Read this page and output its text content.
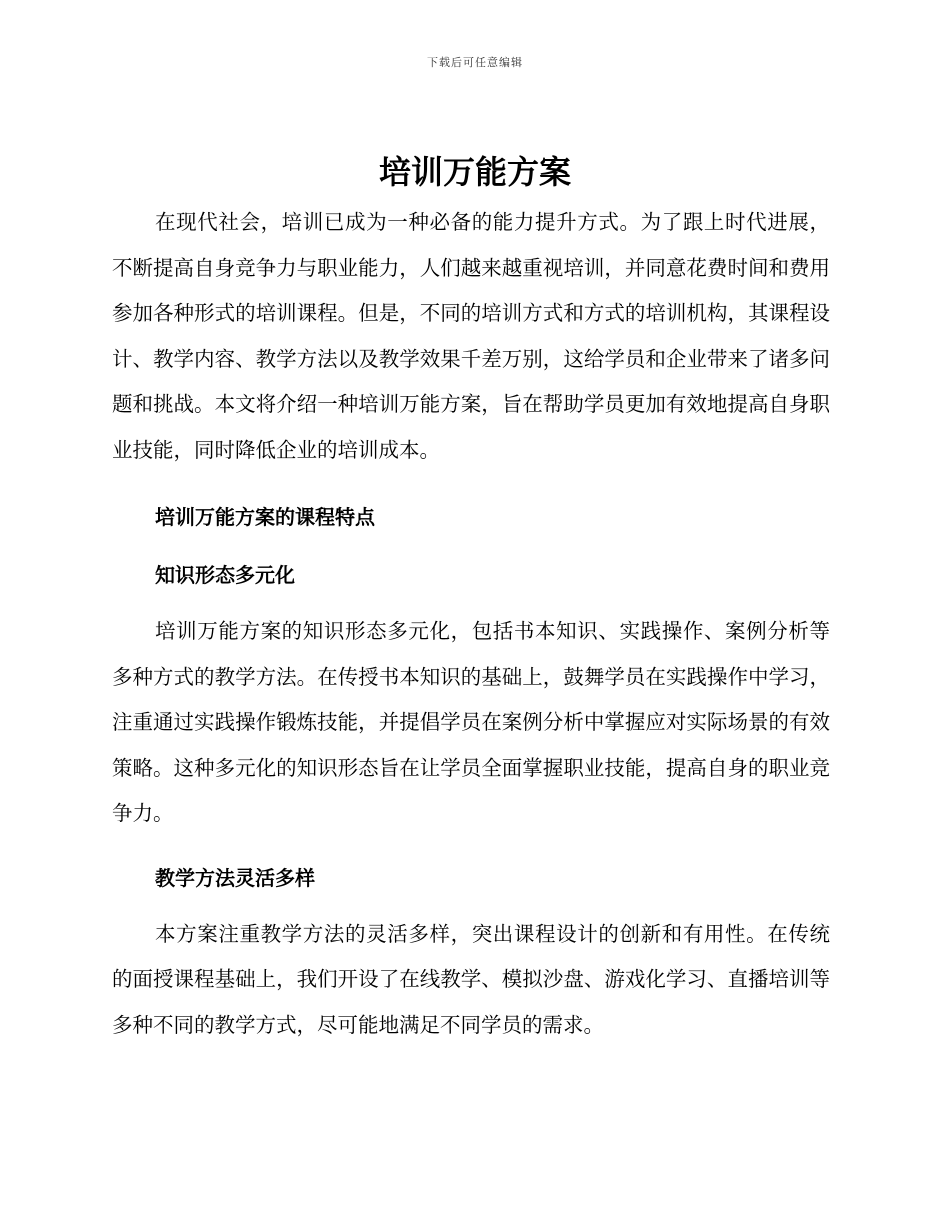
下载后可任意编辑
培训万能方案

在现代社会，培训已成为一种必备的能力提升方式。为了跟上时代进展，不断提高自身竞争力与职业能力，人们越来越重视培训，并同意花费时间和费用参加各种形式的培训课程。但是，不同的培训方式和方式的培训机构，其课程设计、教学内容、教学方法以及教学效果千差万别，这给学员和企业带来了诸多问题和挑战。本文将介绍一种培训万能方案，旨在帮助学员更加有效地提高自身职业技能，同时降低企业的培训成本。

培训万能方案的课程特点
知识形态多元化

培训万能方案的知识形态多元化，包括书本知识、实践操作、案例分析等多种方式的教学方法。在传授书本知识的基础上，鼓舞学员在实践操作中学习，注重通过实践操作锻炼技能，并提倡学员在案例分析中掌握应对实际场景的有效策略。这种多元化的知识形态旨在让学员全面掌握职业技能，提高自身的职业竞争力。

教学方法灵活多样

本方案注重教学方法的灵活多样，突出课程设计的创新和有用性。在传统的面授课程基础上，我们开设了在线教学、模拟沙盘、游戏化学习、直播培训等多种不同的教学方式，尽可能地满足不同学员的需求。
